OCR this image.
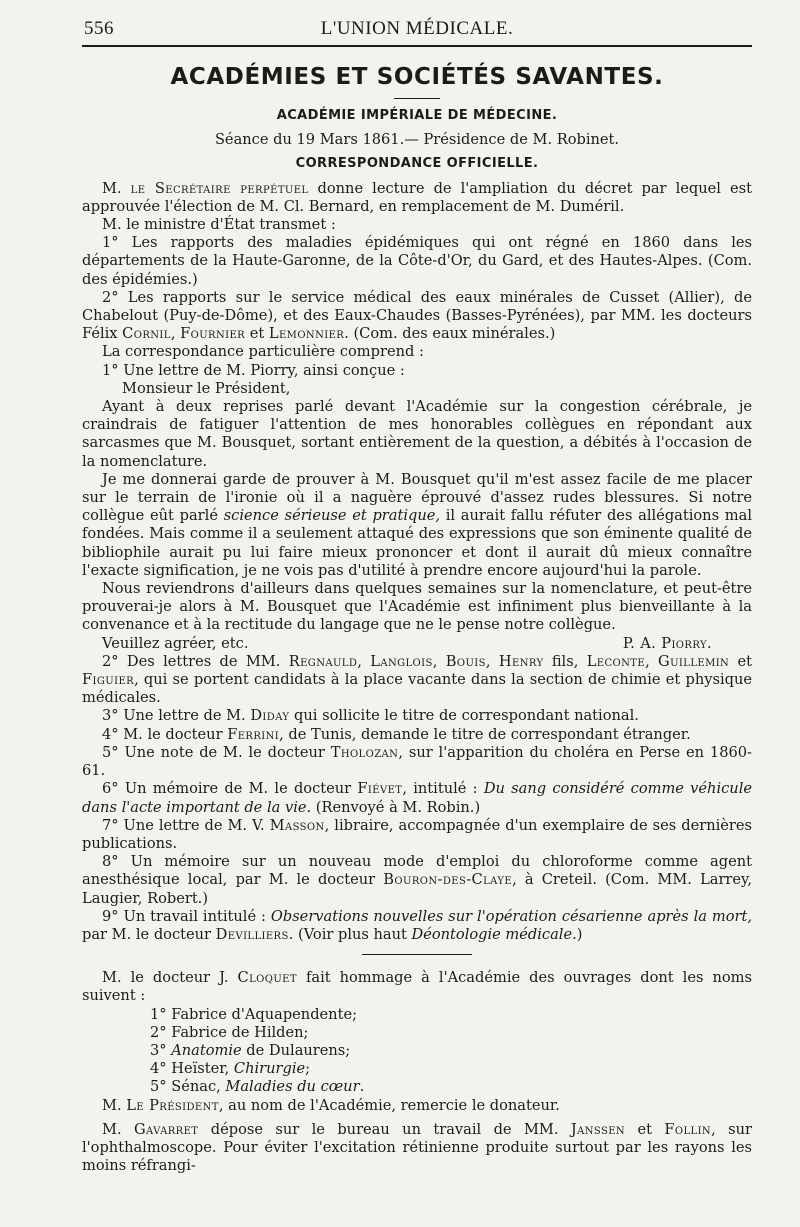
556	L'UNION MÉDICALE.
ACADÉMIES ET SOCIÉTÉS SAVANTES.
ACADÉMIE IMPÉRIALE DE MÉDECINE.
Séance du 19 Mars 1861.— Présidence de M. Robinet.
CORRESPONDANCE OFFICIELLE.

M. le Secrétaire perpétuel donne lecture de l'ampliation du décret par lequel est approuvée l'élection de M. Cl. Bernard, en remplacement de M. Duméril.

M. le ministre d'État transmet :

1° Les rapports des maladies épidémiques qui ont régné en 1860 dans les départements de la Haute-Garonne, de la Côte-d'Or, du Gard, et des Hautes-Alpes. (Com. des épidémies.)

2° Les rapports sur le service médical des eaux minérales de Cusset (Allier), de Chabelout (Puy-de-Dôme), et des Eaux-Chaudes (Basses-Pyrénées), par MM. les docteurs Félix Cornil, Fournier et Lemonnier. (Com. des eaux minérales.)

La correspondance particulière comprend :

1° Une lettre de M. Piorry, ainsi conçue :

Monsieur le Président,

Ayant à deux reprises parlé devant l'Académie sur la congestion cérébrale, je craindrais de fatiguer l'attention de mes honorables collègues en répondant aux sarcasmes que M. Bousquet, sortant entièrement de la question, a débités à l'occasion de la nomenclature.

Je me donnerai garde de prouver à M. Bousquet qu'il m'est assez facile de me placer sur le terrain de l'ironie où il a naguère éprouvé d'assez rudes blessures. Si notre collègue eût parlé science sérieuse et pratique, il aurait fallu réfuter des allégations mal fondées. Mais comme il a seulement attaqué des expressions que son éminente qualité de bibliophile aurait pu lui faire mieux prononcer et dont il aurait dû mieux connaître l'exacte signification, je ne vois pas d'utilité à prendre encore aujourd'hui la parole.

Nous reviendrons d'ailleurs dans quelques semaines sur la nomenclature, et peut-être prouverai-je alors à M. Bousquet que l'Académie est infiniment plus bienveillante à la convenance et à la rectitude du langage que ne le pense notre collègue.

Veuillez agréer, etc.	P. A. Piorry.

2° Des lettres de MM. Regnauld, Langlois, Bouis, Henry fils, Leconte, Guillemin et Figuier, qui se portent candidats à la place vacante dans la section de chimie et physique médicales.

3° Une lettre de M. Diday qui sollicite le titre de correspondant national.

4° M. le docteur Ferrini, de Tunis, demande le titre de correspondant étranger.

5° Une note de M. le docteur Tholozan, sur l'apparition du choléra en Perse en 1860-61.

6° Un mémoire de M. le docteur Fiévet, intitulé : Du sang considéré comme véhicule dans l'acte important de la vie. (Renvoyé à M. Robin.)

7° Une lettre de M. V. Masson, libraire, accompagnée d'un exemplaire de ses dernières publications.

8° Un mémoire sur un nouveau mode d'emploi du chloroforme comme agent anesthésique local, par M. le docteur Bouron-des-Claye, à Creteil. (Com. MM. Larrey, Laugier, Robert.)

9° Un travail intitulé : Observations nouvelles sur l'opération césarienne après la mort, par M. le docteur Devilliers. (Voir plus haut Déontologie médicale.)

M. le docteur J. Cloquet fait hommage à l'Académie des ouvrages dont les noms suivent :

1° Fabrice d'Aquapendente;
2° Fabrice de Hilden;
3° Anatomie de Dulaurens;
4° Heïster, Chirurgie;
5° Sénac, Maladies du cœur.

M. Le Président, au nom de l'Académie, remercie le donateur.

M. Gavarret dépose sur le bureau un travail de MM. Janssen et Follin, sur l'ophthalmoscope. Pour éviter l'excitation rétinienne produite surtout par les rayons les moins réfrangi-
